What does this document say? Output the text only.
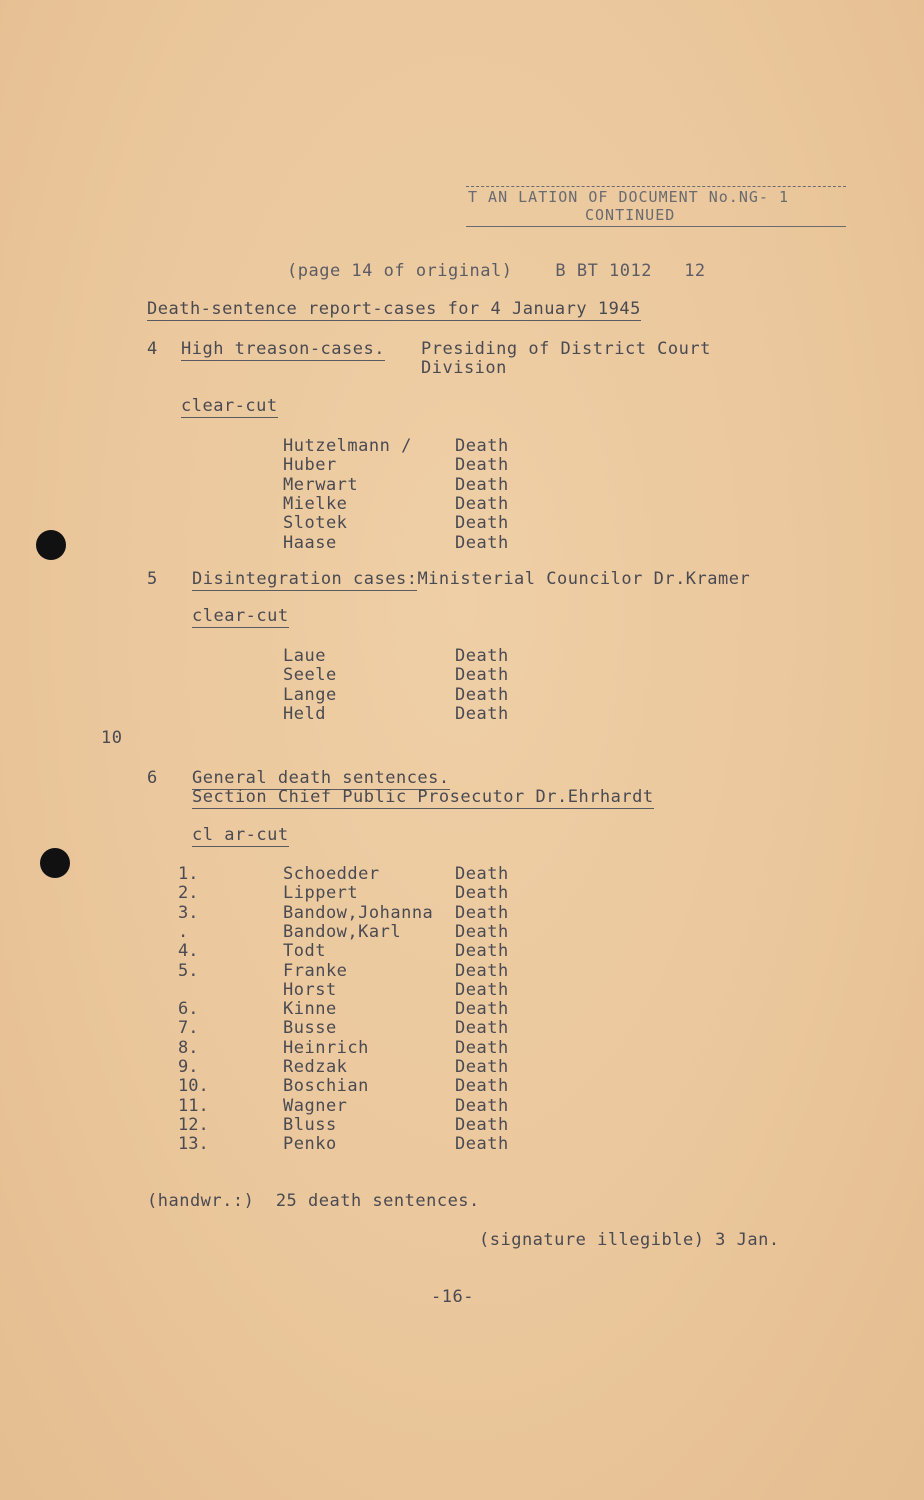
T AN LATION OF DOCUMENT No.NG- 1
CONTINUED
(page 14 of original)    B BT 1012   12
Death-sentence report-cases for 4 January 1945
4 High treason-cases. Presiding of District Court
Division
clear-cut
Hutzelmann /	Death
Huber	Death
Merwart	Death
Mielke	Death
Slotek	Death
Haase	Death
5 Disintegration cases:Ministerial Councilor Dr.Kramer
clear-cut
Laue	Death
Seele	Death
Lange	Death
Held	Death
10
6 General death sentences.
Section Chief Public Prosecutor Dr.Ehrhardt
cl ar-cut
1.	Schoedder	Death
2.	Lippert	Death
3.	Bandow,Johanna Death
.	Bandow,Karl	Death
4.	Todt	Death
5.	Franke	Death
Horst	Death
6.	Kinne	Death
7.	Busse	Death
8.	Heinrich	Death
9.	Redzak	Death
10.	Boschian	Death
11.	Wagner	Death
12.	Bluss	Death
13.	Penko	Death
(handwr.:)  25 death sentences.
(signature illegible) 3 Jan.
-16-
